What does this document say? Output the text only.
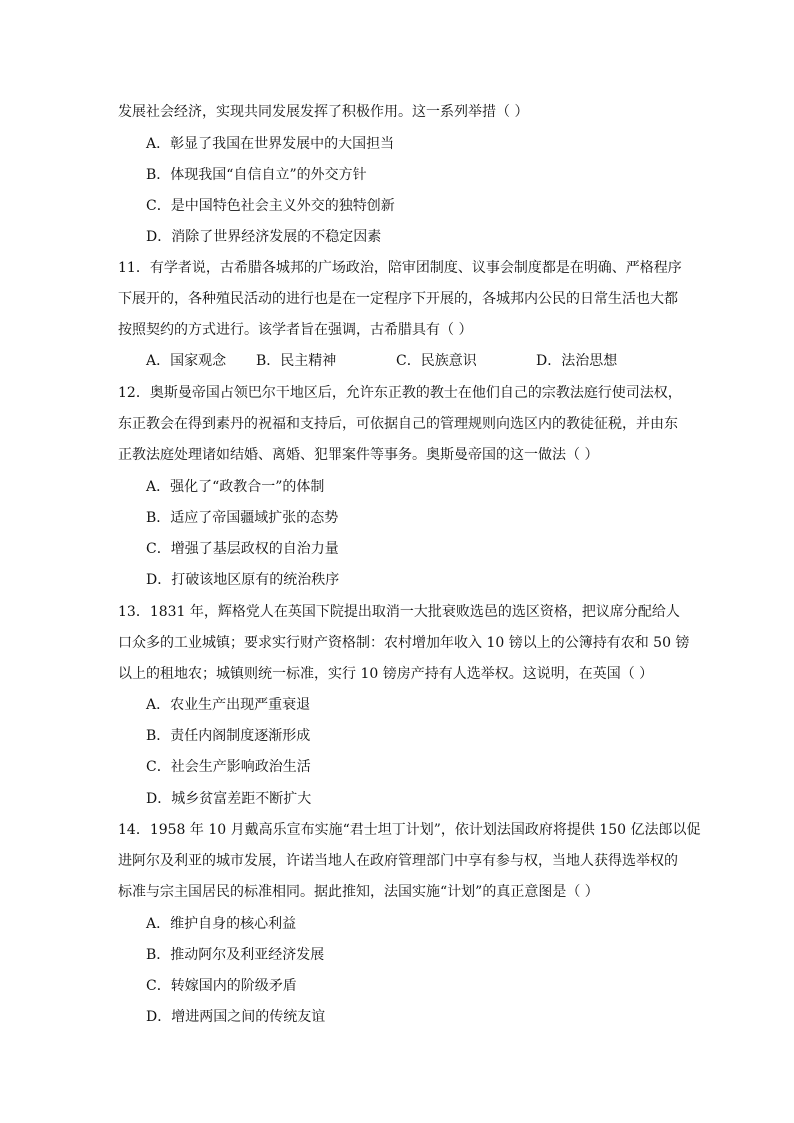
发展社会经济，实现共同发展发挥了积极作用。这一系列举措（ ）
A．彰显了我国在世界发展中的大国担当
B．体现我国“自信自立”的外交方针
C．是中国特色社会主义外交的独特创新
D．消除了世界经济发展的不稳定因素
11．有学者说，古希腊各城邦的广场政治，陪审团制度、议事会制度都是在明确、严格程序
下展开的，各种殖民活动的进行也是在一定程序下开展的，各城邦内公民的日常生活也大都
按照契约的方式进行。该学者旨在强调，古希腊具有（ ）
A．国家观念 B．民主精神	C．民族意识	D．法治思想
12．奥斯曼帝国占领巴尔干地区后，允许东正教的教士在他们自己的宗教法庭行使司法权，
东正教会在得到素丹的祝福和支持后，可依据自己的管理规则向选区内的教徒征税，并由东
正教法庭处理诸如结婚、离婚、犯罪案件等事务。奥斯曼帝国的这一做法（ ）
A．强化了“政教合一”的体制
B．适应了帝国疆域扩张的态势
C．增强了基层政权的自治力量
D．打破该地区原有的统治秩序
13．1831 年，辉格党人在英国下院提出取消一大批衰败选邑的选区资格，把议席分配给人
口众多的工业城镇；要求实行财产资格制：农村增加年收入 10 镑以上的公簿持有农和 50 镑
以上的租地农；城镇则统一标准，实行 10 镑房产持有人选举权。这说明，在英国（ ）
A．农业生产出现严重衰退
B．责任内阁制度逐渐形成
C．社会生产影响政治生活
D．城乡贫富差距不断扩大
14．1958 年 10 月戴高乐宣布实施“君士坦丁计划”，依计划法国政府将提供 150 亿法郎以促
进阿尔及利亚的城市发展，许诺当地人在政府管理部门中享有参与权，当地人获得选举权的
标准与宗主国居民的标准相同。据此推知，法国实施“计划”的真正意图是（ ）
A．维护自身的核心利益
B．推动阿尔及利亚经济发展
C．转嫁国内的阶级矛盾
D．增进两国之间的传统友谊
